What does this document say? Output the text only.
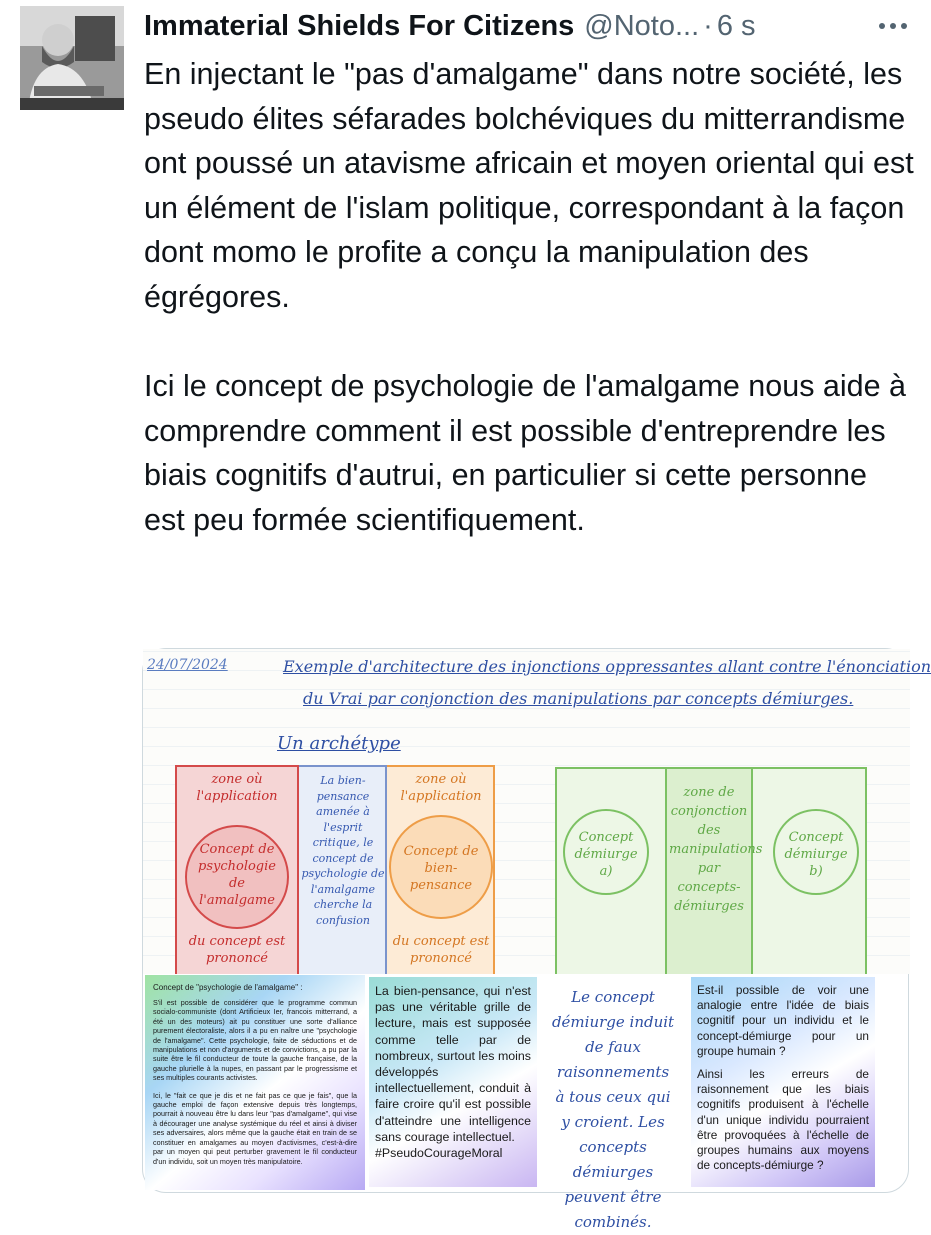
Immaterial Shields For Citizens @Noto... · 6 s

En injectant le "pas d'amalgame" dans notre société, les pseudo élites séfarades bolchéviques du mitterrandisme ont poussé un atavisme africain et moyen oriental qui est un élément de l'islam politique, correspondant à la façon dont momo le profite a conçu la manipulation des égrégores.

Ici le concept de psychologie de l'amalgame nous aide à comprendre comment il est possible d'entreprendre les biais cognitifs d'autrui, en particulier si cette personne est peu formée scientifiquement.

24/07/2024	Exemple d'architecture des injonctions oppressantes allant contre l'énonciation
du Vrai par conjonction des manipulations par concepts démiurges.
Un archétype
zone où l'application
Concept de psychologie de l'amalgame
du concept est prononcé
La bien-pensance amenée à l'esprit critique, le concept de psychologie de l'amalgame cherche la confusion
zone où l'application
Concept de bien-pensance
du concept est prononcé
Concept démiurge a)
zone de conjonction des manipulations par concepts-démiurges
Concept démiurge b)
Concept de "psychologie de l'amalgame" :

S'il est possible de considérer que le programme commun socialo-communiste (dont Artificieux Ier, francois mitterrand, a été un des moteurs) ait pu constituer une sorte d'alliance purement électoraliste, alors il a pu en naître une "psychologie de l'amalgame". Cette psychologie, faite de séductions et de manipulations et non d'arguments et de convictions, a pu par la suite être le fil conducteur de toute la gauche française, de la gauche plurielle à la nupes, en passant par le progressisme et ses multiples courants activistes.

Ici, le "fait ce que je dis et ne fait pas ce que je fais", que la gauche emploi de façon extensive depuis très longtemps, pourrait à nouveau être lu dans leur "pas d'amalgame", qui vise à décourager une analyse systémique du réel et ainsi à diviser ses adversaires, alors même que la gauche était en train de se constituer en amalgames au moyen d'activismes, c'est-à-dire par un moyen qui peut perturber gravement le fil conducteur d'un individu, soit un moyen très manipulatoire.

La bien-pensance, qui n'est pas une véritable grille de lecture, mais est supposée comme telle par de nombreux, surtout les moins développés intellectuellement, conduit à faire croire qu'il est possible d'atteindre une intelligence sans courage intellectuel.
#PseudoCourageMoral
Le concept démiurge induit de faux raisonnements à tous ceux qui y croient. Les concepts démiurges peuvent être combinés.

Est-il possible de voir une analogie entre l'idée de biais cognitif pour un individu et le concept-démiurge pour un groupe humain ?

Ainsi les erreurs de raisonnement que les biais cognitifs produisent à l'échelle d'un unique individu pourraient être provoquées à l'échelle de groupes humains aux moyens de concepts-démiurge ?
